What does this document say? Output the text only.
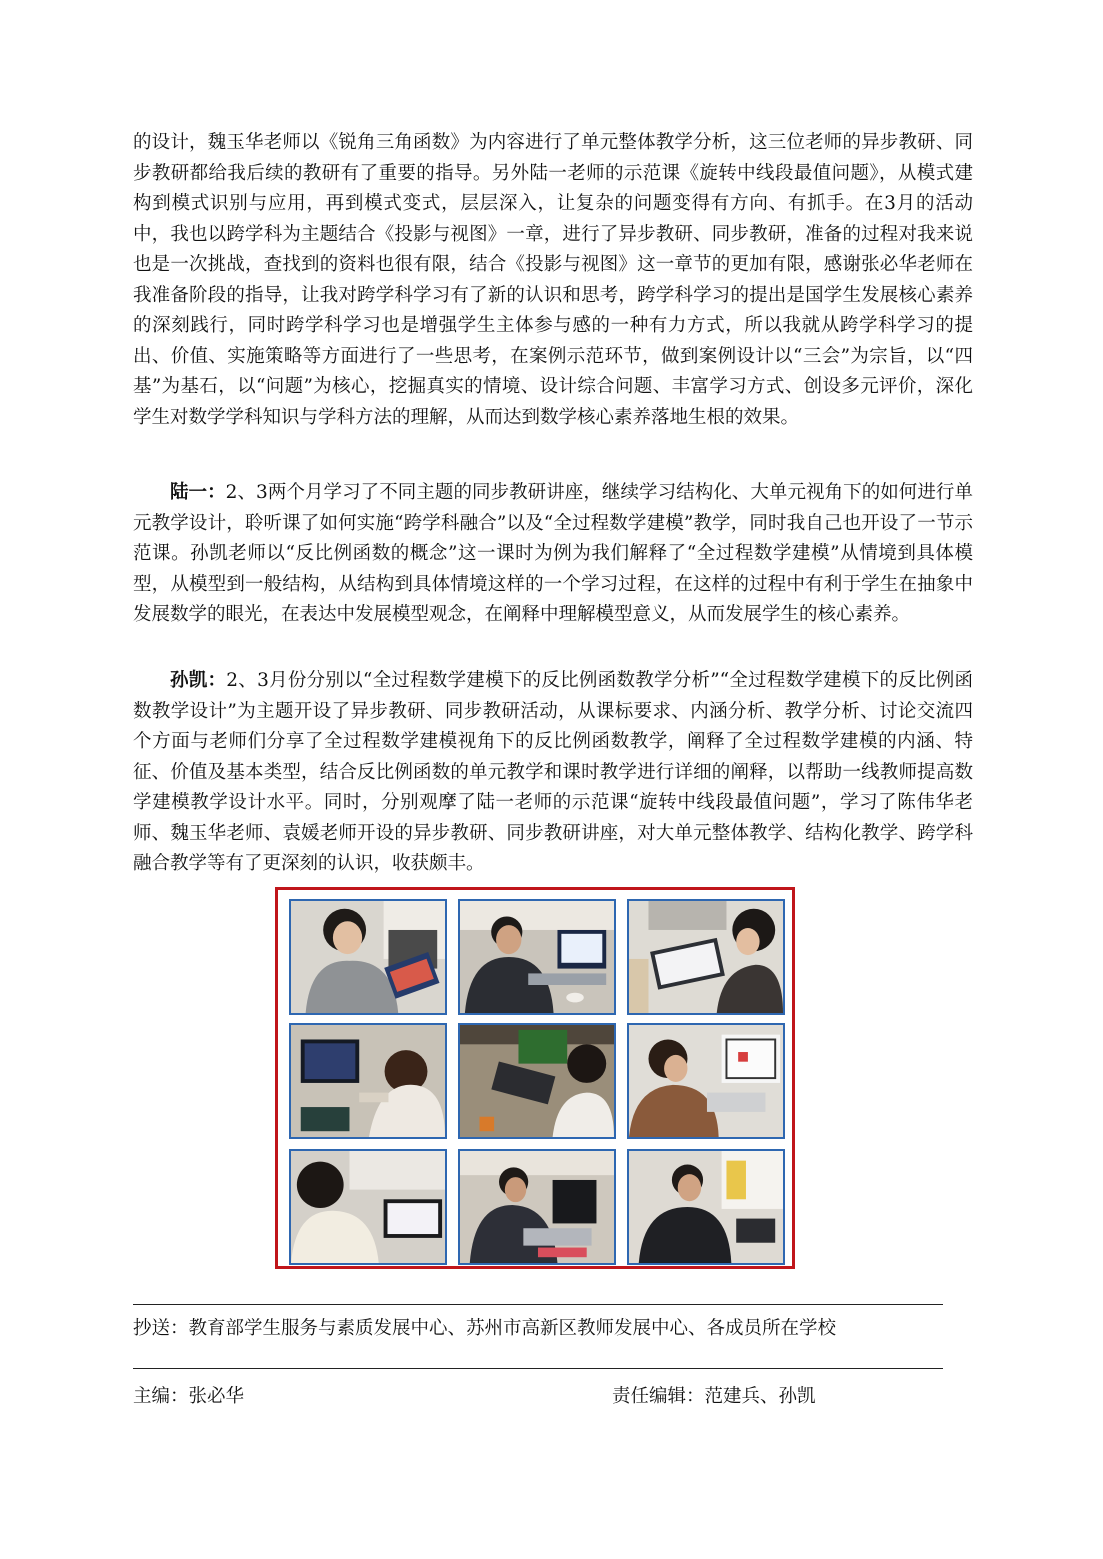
的设计，魏玉华老师以《锐角三角函数》为内容进行了单元整体教学分析，这三位老师的异步教研、同步教研都给我后续的教研有了重要的指导。另外陆一老师的示范课《旋转中线段最值问题》，从模式建构到模式识别与应用，再到模式变式，层层深入，让复杂的问题变得有方向、有抓手。在3月的活动中，我也以跨学科为主题结合《投影与视图》一章，进行了异步教研、同步教研，准备的过程对我来说也是一次挑战，查找到的资料也很有限，结合《投影与视图》这一章节的更加有限，感谢张必华老师在我准备阶段的指导，让我对跨学科学习有了新的认识和思考，跨学科学习的提出是国学生发展核心素养的深刻践行，同时跨学科学习也是增强学生主体参与感的一种有力方式，所以我就从跨学科学习的提出、价值、实施策略等方面进行了一些思考，在案例示范环节，做到案例设计以“三会”为宗旨，以“四基”为基石，以“问题”为核心，挖掘真实的情境、设计综合问题、丰富学习方式、创设多元评价，深化学生对数学学科知识与学科方法的理解，从而达到数学核心素养落地生根的效果。

陆一：2、3两个月学习了不同主题的同步教研讲座，继续学习结构化、大单元视角下的如何进行单元教学设计，聆听课了如何实施“跨学科融合”以及“全过程数学建模”教学，同时我自己也开设了一节示范课。孙凯老师以“反比例函数的概念”这一课时为例为我们解释了“全过程数学建模”从情境到具体模型，从模型到一般结构，从结构到具体情境这样的一个学习过程，在这样的过程中有利于学生在抽象中发展数学的眼光，在表达中发展模型观念，在阐释中理解模型意义，从而发展学生的核心素养。

孙凯：2、3月份分别以“全过程数学建模下的反比例函数教学分析”“全过程数学建模下的反比例函数教学设计”为主题开设了异步教研、同步教研活动，从课标要求、内涵分析、教学分析、讨论交流四个方面与老师们分享了全过程数学建模视角下的反比例函数教学，阐释了全过程数学建模的内涵、特征、价值及基本类型，结合反比例函数的单元教学和课时教学进行详细的阐释，以帮助一线教师提高数学建模教学设计水平。同时，分别观摩了陆一老师的示范课“旋转中线段最值问题”，学习了陈伟华老师、魏玉华老师、袁媛老师开设的异步教研、同步教研讲座，对大单元整体教学、结构化教学、跨学科融合教学等有了更深刻的认识，收获颇丰。

抄送：教育部学生服务与素质发展中心、苏州市高新区教师发展中心、各成员所在学校
主编：张必华	责任编辑：范建兵、孙凯
